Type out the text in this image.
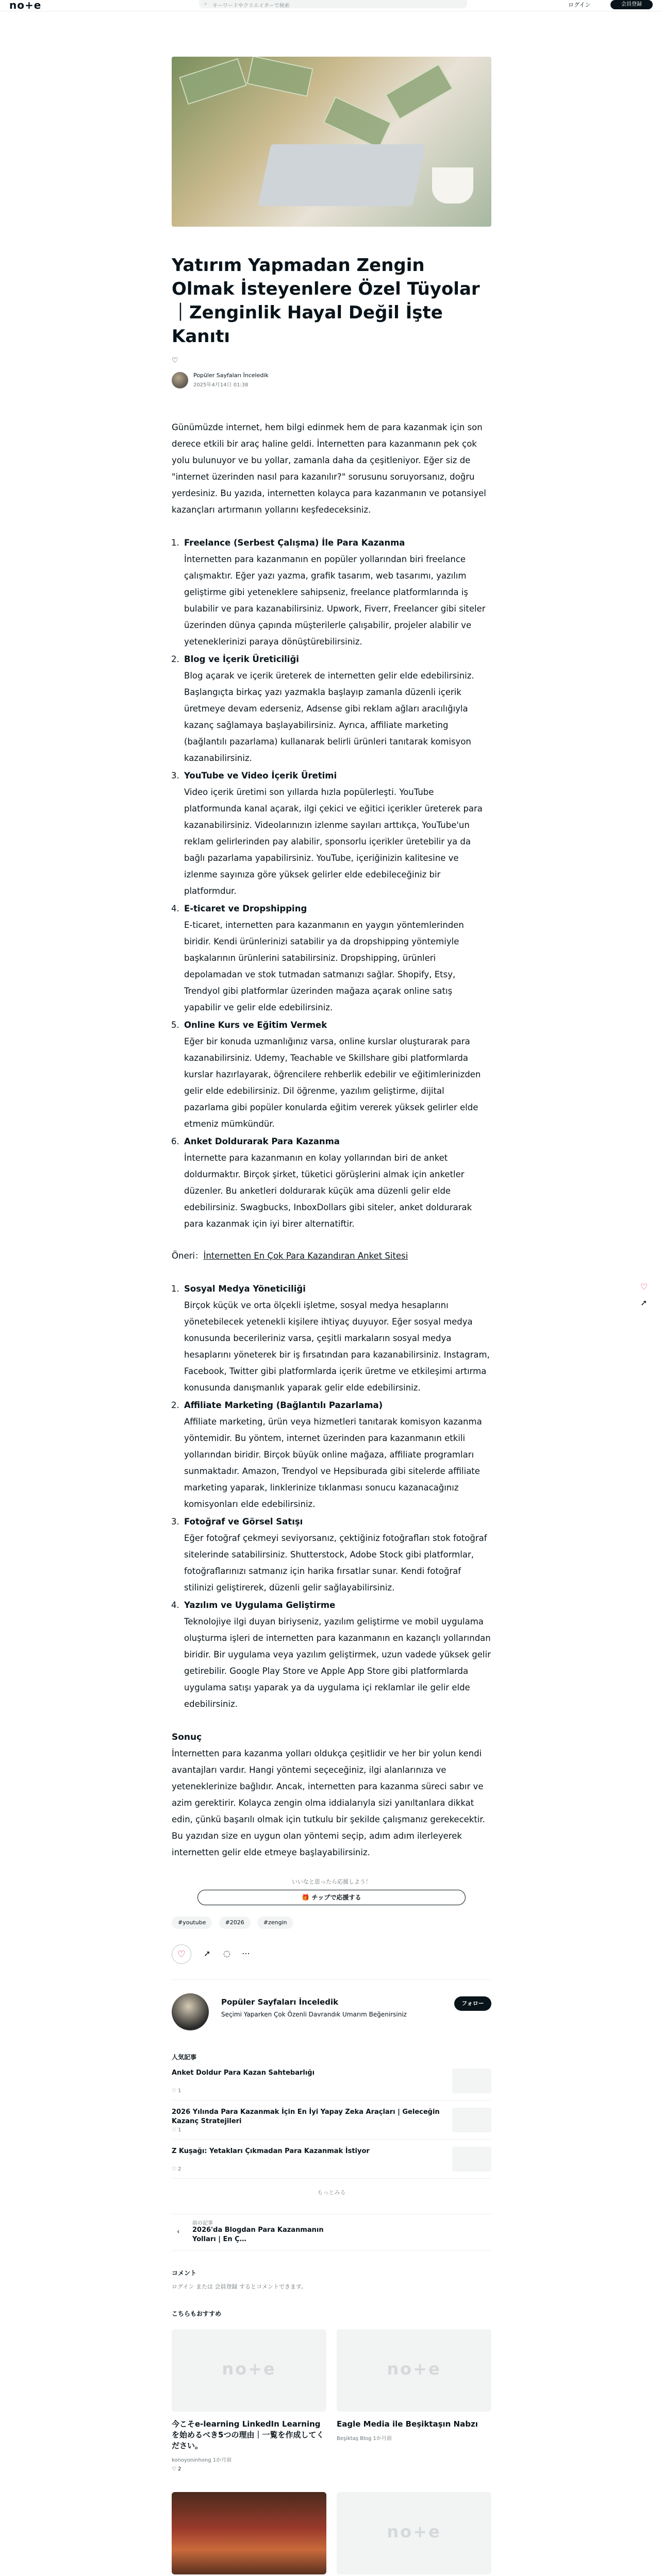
no+e	⌕ キーワードやクリエイターで検索	ログイン	会員登録
Yatırım Yapmadan Zengin Olmak İsteyenlere Özel Tüyolar｜Zenginlik Hayal Değil İşte Kanıtı
♡
Popüler Sayfaları İnceledik
2025年4月14日 01:38

Günümüzde internet, hem bilgi edinmek hem de para kazanmak için son derece etkili bir araç haline geldi. İnternetten para kazanmanın pek çok yolu bulunuyor ve bu yollar, zamanla daha da çeşitleniyor. Eğer siz de "internet üzerinden nasıl para kazanılır?" sorusunu soruyorsanız, doğru yerdesiniz. Bu yazıda, internetten kolayca para kazanmanın ve potansiyel kazançları artırmanın yollarını keşfedeceksiniz.

1. Freelance (Serbest Çalışma) İle Para Kazanma
İnternetten para kazanmanın en popüler yollarından biri freelance çalışmaktır. Eğer yazı yazma, grafik tasarım, web tasarımı, yazılım geliştirme gibi yeteneklere sahipseniz, freelance platformlarında iş bulabilir ve para kazanabilirsiniz. Upwork, Fiverr, Freelancer gibi siteler üzerinden dünya çapında müşterilerle çalışabilir, projeler alabilir ve yeteneklerinizi paraya dönüştürebilirsiniz.
2. Blog ve İçerik Üreticiliği
Blog açarak ve içerik üreterek de internetten gelir elde edebilirsiniz. Başlangıçta birkaç yazı yazmakla başlayıp zamanla düzenli içerik üretmeye devam ederseniz, Adsense gibi reklam ağları aracılığıyla kazanç sağlamaya başlayabilirsiniz. Ayrıca, affiliate marketing (bağlantılı pazarlama) kullanarak belirli ürünleri tanıtarak komisyon kazanabilirsiniz.
3. YouTube ve Video İçerik Üretimi
Video içerik üretimi son yıllarda hızla popülerleşti. YouTube platformunda kanal açarak, ilgi çekici ve eğitici içerikler üreterek para kazanabilirsiniz. Videolarınızın izlenme sayıları arttıkça, YouTube'un reklam gelirlerinden pay alabilir, sponsorlu içerikler üretebilir ya da bağlı pazarlama yapabilirsiniz. YouTube, içeriğinizin kalitesine ve izlenme sayınıza göre yüksek gelirler elde edebileceğiniz bir platformdur.
4. E-ticaret ve Dropshipping
E-ticaret, internetten para kazanmanın en yaygın yöntemlerinden biridir. Kendi ürünlerinizi satabilir ya da dropshipping yöntemiyle başkalarının ürünlerini satabilirsiniz. Dropshipping, ürünleri depolamadan ve stok tutmadan satmanızı sağlar. Shopify, Etsy, Trendyol gibi platformlar üzerinden mağaza açarak online satış yapabilir ve gelir elde edebilirsiniz.
5. Online Kurs ve Eğitim Vermek
Eğer bir konuda uzmanlığınız varsa, online kurslar oluşturarak para kazanabilirsiniz. Udemy, Teachable ve Skillshare gibi platformlarda kurslar hazırlayarak, öğrencilere rehberlik edebilir ve eğitimlerinizden gelir elde edebilirsiniz. Dil öğrenme, yazılım geliştirme, dijital pazarlama gibi popüler konularda eğitim vererek yüksek gelirler elde etmeniz mümkündür.
6. Anket Doldurarak Para Kazanma
İnternette para kazanmanın en kolay yollarından biri de anket doldurmaktır. Birçok şirket, tüketici görüşlerini almak için anketler düzenler. Bu anketleri doldurarak küçük ama düzenli gelir elde edebilirsiniz. Swagbucks, InboxDollars gibi siteler, anket doldurarak para kazanmak için iyi birer alternatiftir.

Öneri：İnternetten En Çok Para Kazandıran Anket Sitesi

1. Sosyal Medya Yöneticiliği
Birçok küçük ve orta ölçekli işletme, sosyal medya hesaplarını yönetebilecek yetenekli kişilere ihtiyaç duyuyor. Eğer sosyal medya konusunda becerileriniz varsa, çeşitli markaların sosyal medya hesaplarını yöneterek bir iş fırsatından para kazanabilirsiniz. Instagram, Facebook, Twitter gibi platformlarda içerik üretme ve etkileşimi artırma konusunda danışmanlık yaparak gelir elde edebilirsiniz.
2. Affiliate Marketing (Bağlantılı Pazarlama)
Affiliate marketing, ürün veya hizmetleri tanıtarak komisyon kazanma yöntemidir. Bu yöntem, internet üzerinden para kazanmanın etkili yollarından biridir. Birçok büyük online mağaza, affiliate programları sunmaktadır. Amazon, Trendyol ve Hepsiburada gibi sitelerde affiliate marketing yaparak, linklerinize tıklanması sonucu kazanacağınız komisyonları elde edebilirsiniz.
3. Fotoğraf ve Görsel Satışı
Eğer fotoğraf çekmeyi seviyorsanız, çektiğiniz fotoğrafları stok fotoğraf sitelerinde satabilirsiniz. Shutterstock, Adobe Stock gibi platformlar, fotoğraflarınızı satmanız için harika fırsatlar sunar. Kendi fotoğraf stilinizi geliştirerek, düzenli gelir sağlayabilirsiniz.
4. Yazılım ve Uygulama Geliştirme
Teknolojiye ilgi duyan biriyseniz, yazılım geliştirme ve mobil uygulama oluşturma işleri de internetten para kazanmanın en kazançlı yollarından biridir. Bir uygulama veya yazılım geliştirmek, uzun vadede yüksek gelir getirebilir. Google Play Store ve Apple App Store gibi platformlarda uygulama satışı yaparak ya da uygulama içi reklamlar ile gelir elde edebilirsiniz.
Sonuç

İnternetten para kazanma yolları oldukça çeşitlidir ve her bir yolun kendi avantajları vardır. Hangi yöntemi seçeceğiniz, ilgi alanlarınıza ve yeteneklerinize bağlıdır. Ancak, internetten para kazanma süreci sabır ve azim gerektirir. Kolayca zengin olma iddialarıyla sizi yanıltanlara dikkat edin, çünkü başarılı olmak için tutkulu bir şekilde çalışmanız gerekecektir. Bu yazıdan size en uygun olan yöntemi seçip, adım adım ilerleyerek internetten gelir elde etmeye başlayabilirsiniz.

いいなと思ったら応援しよう！
🎁 チップで応援する
#youtube	#2026	#zengin
♡	➚ ◌ ⋯
Popüler Sayfaları İnceledik
Seçimi Yaparken Çok Özenli Davrandık Umarım Beğenirsiniz
フォロー
人気記事
Anket Doldur Para Kazan Sahtebarlığı
♡ 1
2026 Yılında Para Kazanmak İçin En İyi Yapay Zeka Araçları | Geleceğin Kazanç Stratejileri
♡ 1
Z Kuşağı: Yetakları Çıkmadan Para Kazanmak İstiyor
♡ 2
もっとみる
‹
前の記事
2026'da Blogdan Para Kazanmanın Yolları | En Ç…
コメント
ログイン または 会員登録 するとコメントできます。
こちらもおすすめ
no+e
今こそe-learning LinkedIn Learningを始めるべき5つの理由｜一覧を作成してください。
konoyoninhong 1か月前
♡ 2
no+e
Eagle Media ile Beşiktaşın Nabzı
Beşiktaş Blog 1か月前
no+e
♡
➚
